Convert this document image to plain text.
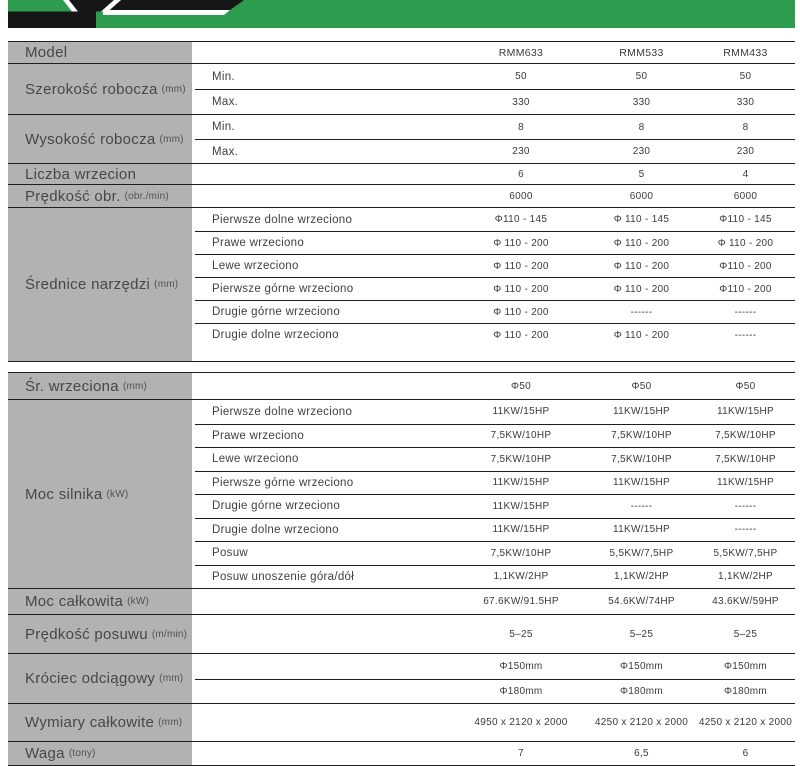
Model	RMM633	RMM533	RMM433
Szerokość robocza (mm)
Min.	50	50	50
Max.	330	330	330
Wysokość robocza (mm)
Min.	8	8	8
Max.	230	230	230
Liczba wrzecion	6	5	4
Prędkość obr. (obr./min)	6000	6000	6000
Średnice narzędzi (mm)
Pierwsze dolne wrzeciono	Φ110 - 145	Φ 110 - 145	Φ110 - 145
Prawe wrzeciono	Φ 110 - 200	Φ 110 - 200	Φ 110 - 200
Lewe wrzeciono	Φ 110 - 200	Φ 110 - 200	Φ110 - 200
Pierwsze górne wrzeciono	Φ 110 - 200	Φ 110 - 200	Φ110 - 200
Drugie górne wrzeciono	Φ 110 - 200	------	------
Drugie dolne wrzeciono	Φ 110 - 200	Φ 110 - 200	------
Śr. wrzeciona (mm)	Φ50	Φ50	Φ50
Moc silnika (kW)
Pierwsze dolne wrzeciono	11KW/15HP	11KW/15HP	11KW/15HP
Prawe wrzeciono	7,5KW/10HP	7,5KW/10HP	7,5KW/10HP
Lewe wrzeciono	7,5KW/10HP	7,5KW/10HP	7,5KW/10HP
Pierwsze górne wrzeciono	11KW/15HP	11KW/15HP	11KW/15HP
Drugie górne wrzeciono	11KW/15HP	------	------
Drugie dolne wrzeciono	11KW/15HP	11KW/15HP	------
Posuw	7,5KW/10HP	5,5KW/7,5HP	5,5KW/7,5HP
Posuw unoszenie góra/dół	1,1KW/2HP	1,1KW/2HP	1,1KW/2HP
Moc całkowita (kW)	67.6KW/91.5HP	54.6KW/74HP	43.6KW/59HP
Prędkość posuwu (m/min)	5–25	5–25	5–25
Króciec odciągowy (mm)
Φ150mm	Φ150mm	Φ150mm
Φ180mm	Φ180mm	Φ180mm
Wymiary całkowite (mm)	4950 x 2120 x 2000	4250 x 2120 x 2000	4250 x 2120 x 2000
Waga (tony)	7	6,5	6
